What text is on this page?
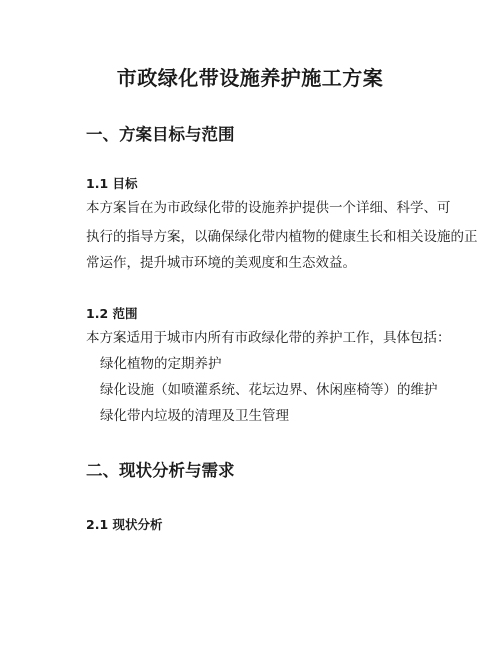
市政绿化带设施养护施工方案
一、方案目标与范围
1.1 目标
本方案旨在为市政绿化带的设施养护提供一个详细、科学、可
执行的指导方案，以确保绿化带内植物的健康生长和相关设施的正
常运作，提升城市环境的美观度和生态效益。
1.2 范围
本方案适用于城市内所有市政绿化带的养护工作，具体包括：
绿化植物的定期养护
绿化设施（如喷灌系统、花坛边界、休闲座椅等）的维护
绿化带内垃圾的清理及卫生管理
二、现状分析与需求
2.1 现状分析
